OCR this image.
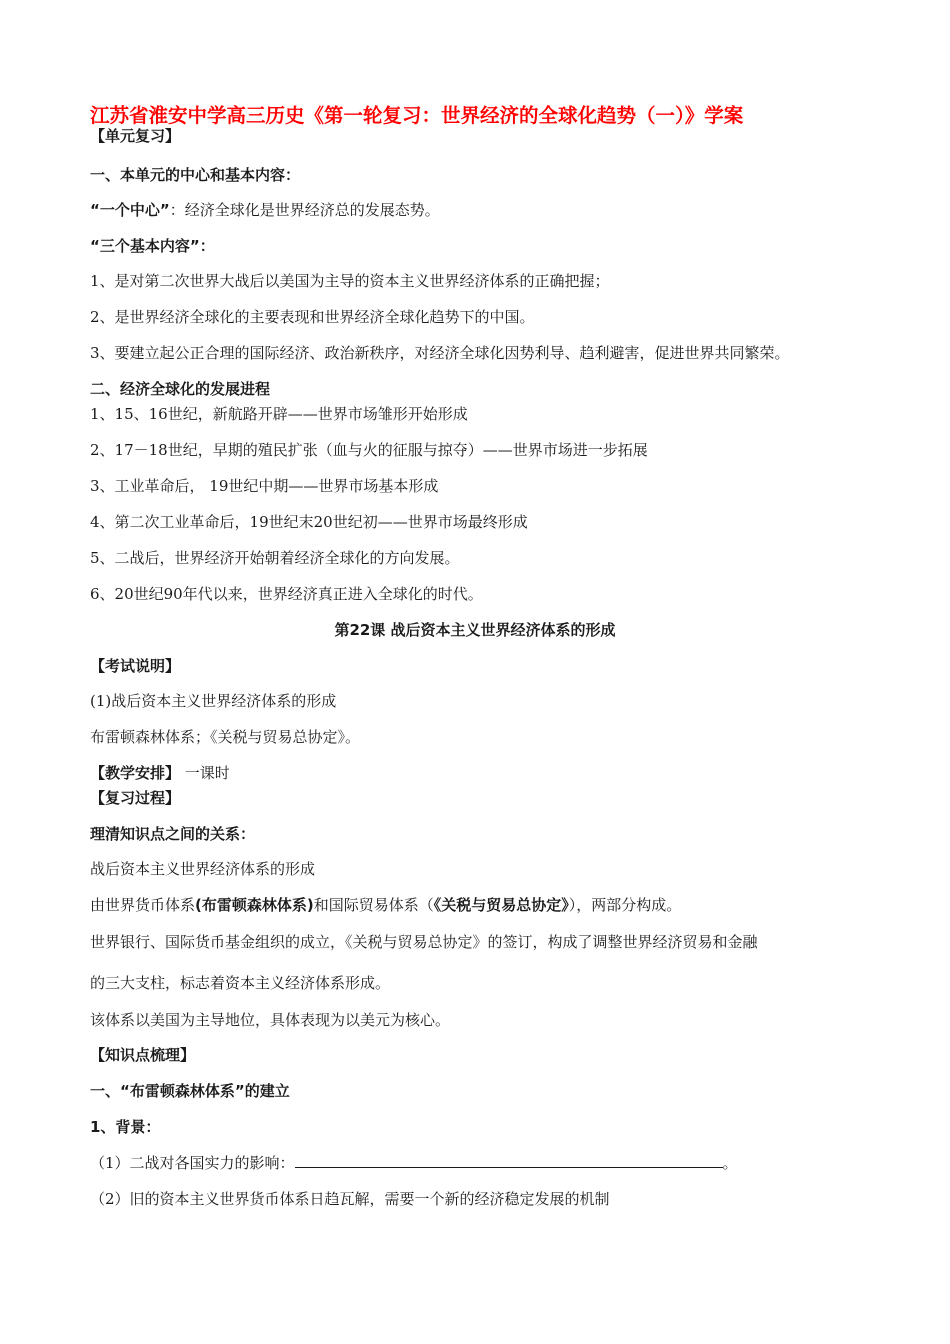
江苏省淮安中学高三历史《第一轮复习：世界经济的全球化趋势（一）》学案
【单元复习】
一、本单元的中心和基本内容：
“一个中心”：经济全球化是世界经济总的发展态势。
“三个基本内容”：
1、是对第二次世界大战后以美国为主导的资本主义世界经济体系的正确把握；
2、是世界经济全球化的主要表现和世界经济全球化趋势下的中国。
3、要建立起公正合理的国际经济、政治新秩序，对经济全球化因势利导、趋利避害，促进世界共同繁荣。
二、经济全球化的发展进程
1、15、16世纪，新航路开辟——世界市场雏形开始形成
2、17－18世纪，早期的殖民扩张（血与火的征服与掠夺）——世界市场进一步拓展
3、工业革命后， 19世纪中期——世界市场基本形成
4、第二次工业革命后，19世纪末20世纪初——世界市场最终形成
5、二战后，世界经济开始朝着经济全球化的方向发展。
6、20世纪90年代以来，世界经济真正进入全球化的时代。
第22课 战后资本主义世界经济体系的形成
【考试说明】
(1)战后资本主义世界经济体系的形成
布雷顿森林体系；《关税与贸易总协定》。
【教学安排】 一课时
【复习过程】
理清知识点之间的关系：
战后资本主义世界经济体系的形成
由世界货币体系(布雷顿森林体系)和国际贸易体系（《关税与贸易总协定》），两部分构成。
世界银行、国际货币基金组织的成立，《关税与贸易总协定》的签订，构成了调整世界经济贸易和金融
的三大支柱，标志着资本主义经济体系形成。
该体系以美国为主导地位，具体表现为以美元为核心。
【知识点梳理】
一、“布雷顿森林体系”的建立
1、背景：
（1）二战对各国实力的影响：	。
（2）旧的资本主义世界货币体系日趋瓦解，需要一个新的经济稳定发展的机制
